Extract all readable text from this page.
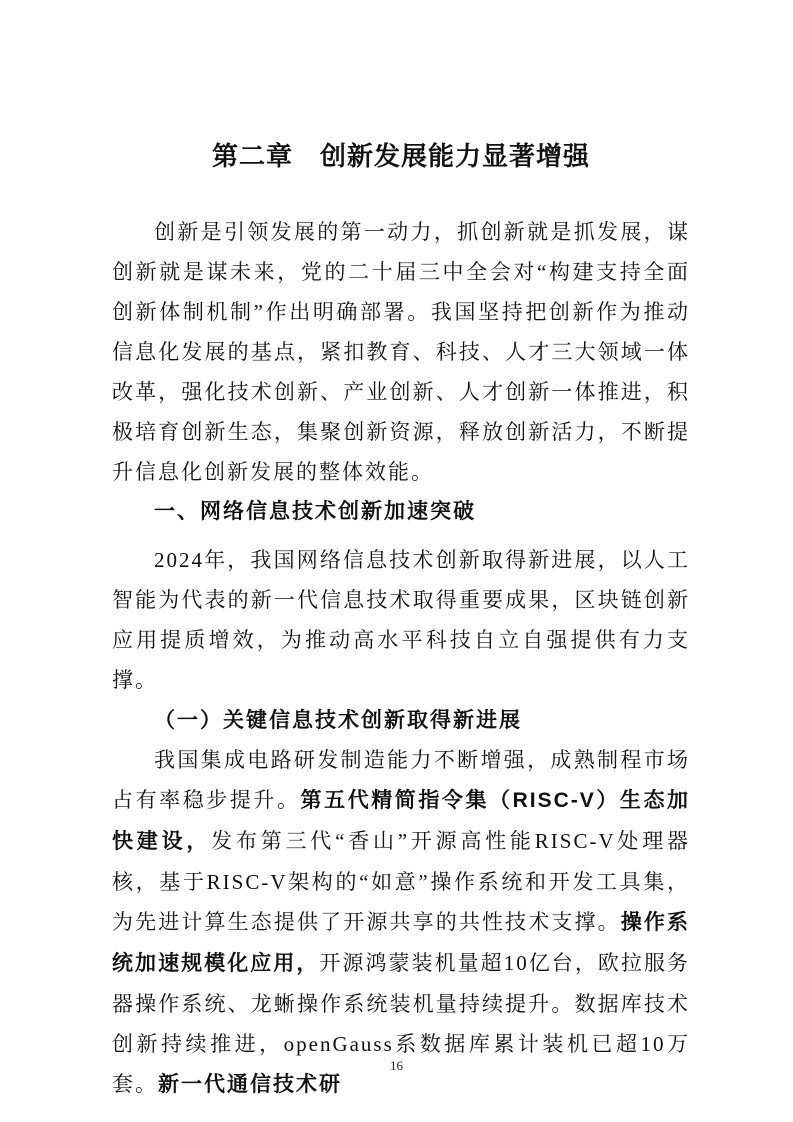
第二章　创新发展能力显著增强

创新是引领发展的第一动力，抓创新就是抓发展，谋创新就是谋未来，党的二十届三中全会对“构建支持全面创新体制机制”作出明确部署。我国坚持把创新作为推动信息化发展的基点，紧扣教育、科技、人才三大领域一体改革，强化技术创新、产业创新、人才创新一体推进，积极培育创新生态，集聚创新资源，释放创新活力，不断提升信息化创新发展的整体效能。

一、网络信息技术创新加速突破

2024年，我国网络信息技术创新取得新进展，以人工智能为代表的新一代信息技术取得重要成果，区块链创新应用提质增效，为推动高水平科技自立自强提供有力支撑。

（一）关键信息技术创新取得新进展

我国集成电路研发制造能力不断增强，成熟制程市场占有率稳步提升。第五代精简指令集（RISC-V）生态加快建设，发布第三代“香山”开源高性能RISC-V处理器核，基于RISC-V架构的“如意”操作系统和开发工具集，为先进计算生态提供了开源共享的共性技术支撑。操作系统加速规模化应用，开源鸿蒙装机量超10亿台，欧拉服务器操作系统、龙蜥操作系统装机量持续提升。数据库技术创新持续推进，openGauss系数据库累计装机已超10万套。新一代通信技术研

16
